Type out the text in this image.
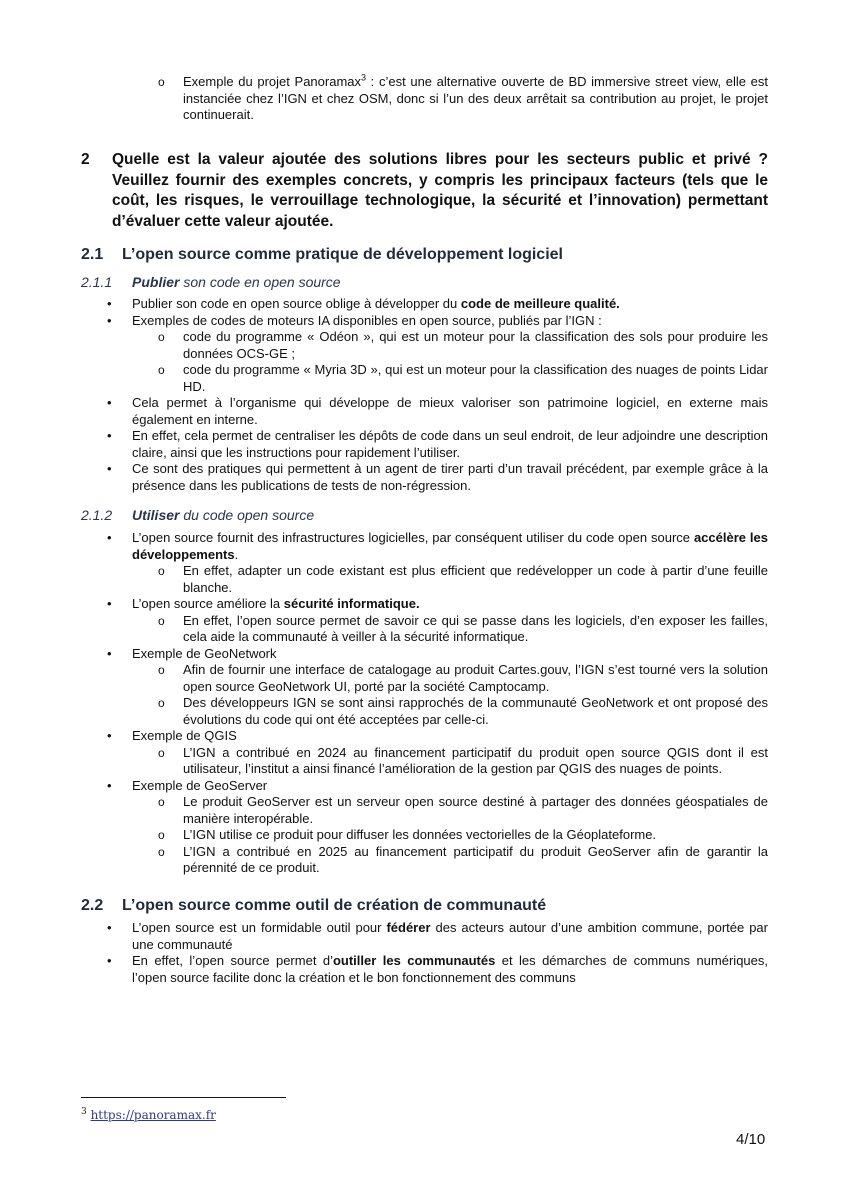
o Exemple du projet Panoramax$^3$ : c’est une alternative ouverte de BD immersive street view, elle est instanciée chez l’IGN et chez OSM, donc si l’un des deux arrêtait sa contribution au projet, le projet continuerait.

2 Quelle est la valeur ajoutée des solutions libres pour les secteurs public et privé ? Veuillez fournir des exemples concrets, y compris les principaux facteurs (tels que le coût, les risques, le verrouillage technologique, la sécurité et l’innovation) permettant d’évaluer cette valeur ajoutée.
2.1 L’open source comme pratique de développement logiciel
2.1.1 Publier son code en open source

• Publier son code en open source oblige à développer du code de meilleure qualité.

• Exemples de codes de moteurs IA disponibles en open source, publiés par l’IGN :

o code du programme « Odéon », qui est un moteur pour la classification des sols pour produire les données OCS-GE ;

o code du programme « Myria 3D », qui est un moteur pour la classification des nuages de points Lidar HD.

• Cela permet à l’organisme qui développe de mieux valoriser son patrimoine logiciel, en externe mais également en interne.

• En effet, cela permet de centraliser les dépôts de code dans un seul endroit, de leur adjoindre une description claire, ainsi que les instructions pour rapidement l’utiliser.

• Ce sont des pratiques qui permettent à un agent de tirer parti d’un travail précédent, par exemple grâce à la présence dans les publications de tests de non-régression.

2.1.2 Utiliser du code open source

• L’open source fournit des infrastructures logicielles, par conséquent utiliser du code open source accélère les développements.

o En effet, adapter un code existant est plus efficient que redévelopper un code à partir d’une feuille blanche.

• L’open source améliore la sécurité informatique.

o En effet, l’open source permet de savoir ce qui se passe dans les logiciels, d’en exposer les failles, cela aide la communauté à veiller à la sécurité informatique.

• Exemple de GeoNetwork

o Afin de fournir une interface de catalogage au produit Cartes.gouv, l’IGN s’est tourné vers la solution open source GeoNetwork UI, porté par la société Camptocamp.

o Des développeurs IGN se sont ainsi rapprochés de la communauté GeoNetwork et ont proposé des évolutions du code qui ont été acceptées par celle-ci.

• Exemple de QGIS

o L’IGN a contribué en 2024 au financement participatif du produit open source QGIS dont il est utilisateur, l’institut a ainsi financé l’amélioration de la gestion par QGIS des nuages de points.

• Exemple de GeoServer

o Le produit GeoServer est un serveur open source destiné à partager des données géospatiales de manière interopérable.

o L’IGN utilise ce produit pour diffuser les données vectorielles de la Géoplateforme.

o L’IGN a contribué en 2025 au financement participatif du produit GeoServer afin de garantir la pérennité de ce produit.

2.2 L’open source comme outil de création de communauté

• L’open source est un formidable outil pour fédérer des acteurs autour d’une ambition commune, portée par une communauté

• En effet, l’open source permet d’outiller les communautés et les démarches de communs numériques, l’open source facilite donc la création et le bon fonctionnement des communs

$^3$ https://panoramax.fr
4/10
